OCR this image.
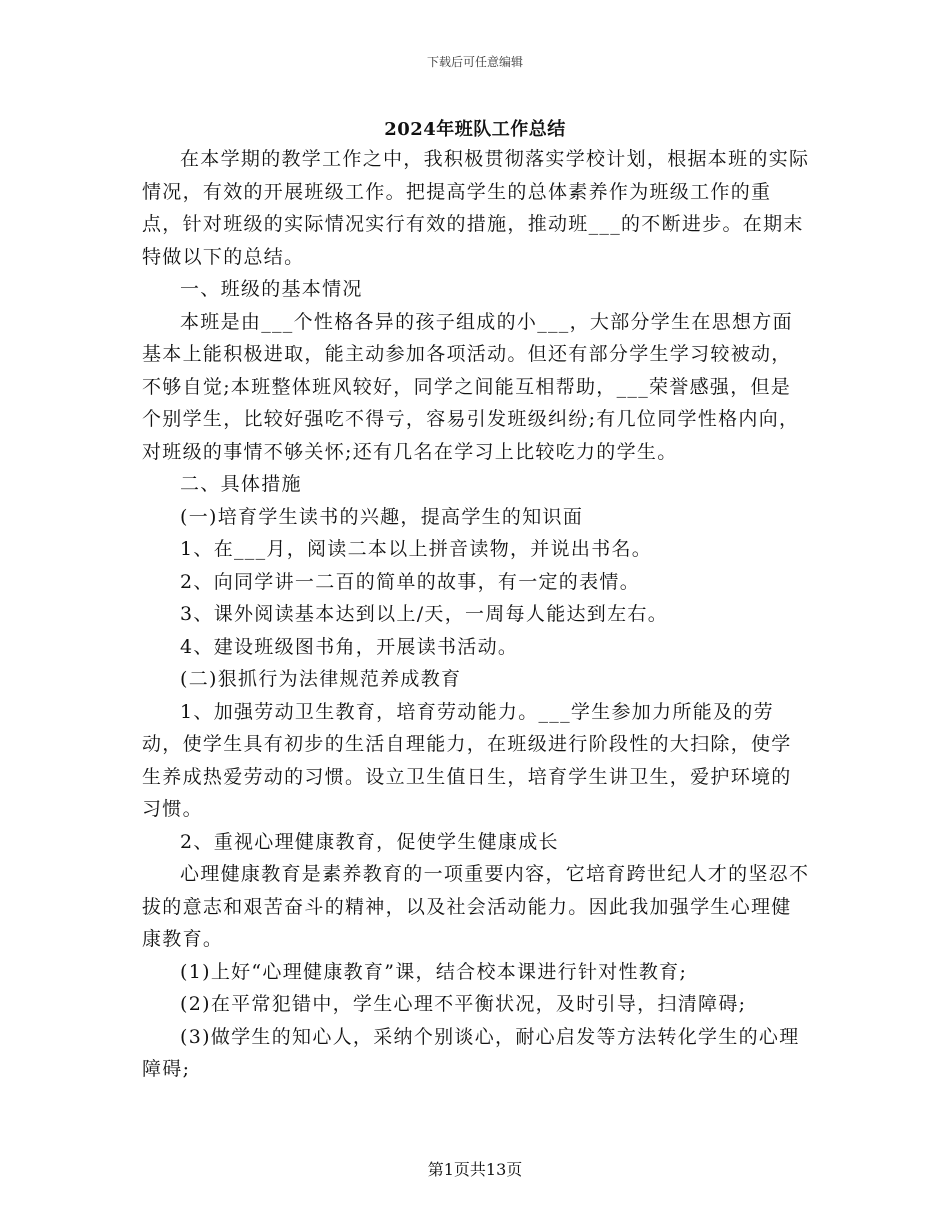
下载后可任意编辑
2024年班队工作总结

在本学期的教学工作之中，我积极贯彻落实学校计划，根据本班的实际情况，有效的开展班级工作。把提高学生的总体素养作为班级工作的重点，针对班级的实际情况实行有效的措施，推动班___的不断进步。在期末特做以下的总结。

一、班级的基本情况

本班是由___个性格各异的孩子组成的小___，大部分学生在思想方面基本上能积极进取，能主动参加各项活动。但还有部分学生学习较被动，不够自觉;本班整体班风较好，同学之间能互相帮助，___荣誉感强，但是个别学生，比较好强吃不得亏，容易引发班级纠纷;有几位同学性格内向，对班级的事情不够关怀;还有几名在学习上比较吃力的学生。

二、具体措施

(一)培育学生读书的兴趣，提高学生的知识面

1、在___月，阅读二本以上拼音读物，并说出书名。

2、向同学讲一二百的简单的故事，有一定的表情。

3、课外阅读基本达到以上/天，一周每人能达到左右。

4、建设班级图书角，开展读书活动。

(二)狠抓行为法律规范养成教育

1、加强劳动卫生教育，培育劳动能力。___学生参加力所能及的劳动，使学生具有初步的生活自理能力，在班级进行阶段性的大扫除，使学生养成热爱劳动的习惯。设立卫生值日生，培育学生讲卫生，爱护环境的习惯。

2、重视心理健康教育，促使学生健康成长

心理健康教育是素养教育的一项重要内容，它培育跨世纪人才的坚忍不拔的意志和艰苦奋斗的精神，以及社会活动能力。因此我加强学生心理健康教育。

(1)上好“心理健康教育”课，结合校本课进行针对性教育;

(2)在平常犯错中，学生心理不平衡状况，及时引导，扫清障碍;

(3)做学生的知心人，采纳个别谈心，耐心启发等方法转化学生的心理障碍;

第1页共13页
